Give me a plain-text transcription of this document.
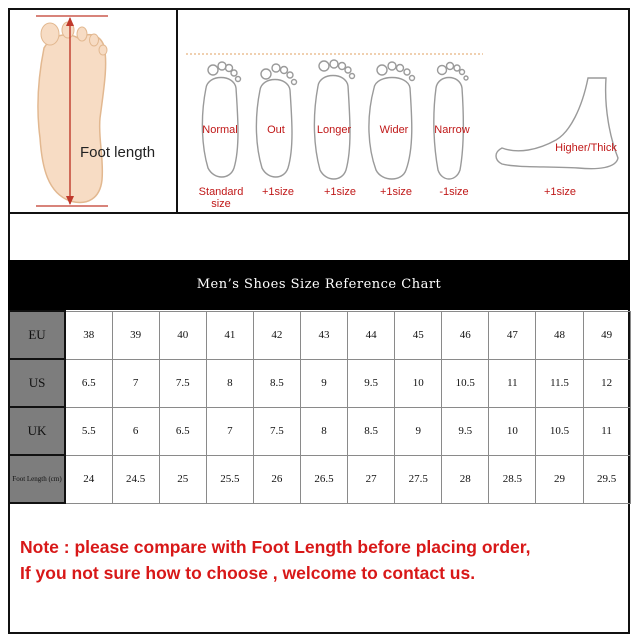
Foot length
Normal	Out	Longer	Wider	Narrow
Higher/Thick
Standard size
+1size	+1size	+1size	-1size	+1size
Men’s Shoes Size Reference Chart
EU	38	39	40	41	42	43	44	45	46	47	48	49
US	6.5	7	7.5	8	8.5	9	9.5	10	10.5	11	11.5	12
UK	5.5	6	6.5	7	7.5	8	8.5	9	9.5	10	10.5	11
Foot Length (cm)	24	24.5	25	25.5	26	26.5	27	27.5	28	28.5	29	29.5
Note : please compare with Foot Length before placing order,
If you not sure how to choose , welcome to contact us.
